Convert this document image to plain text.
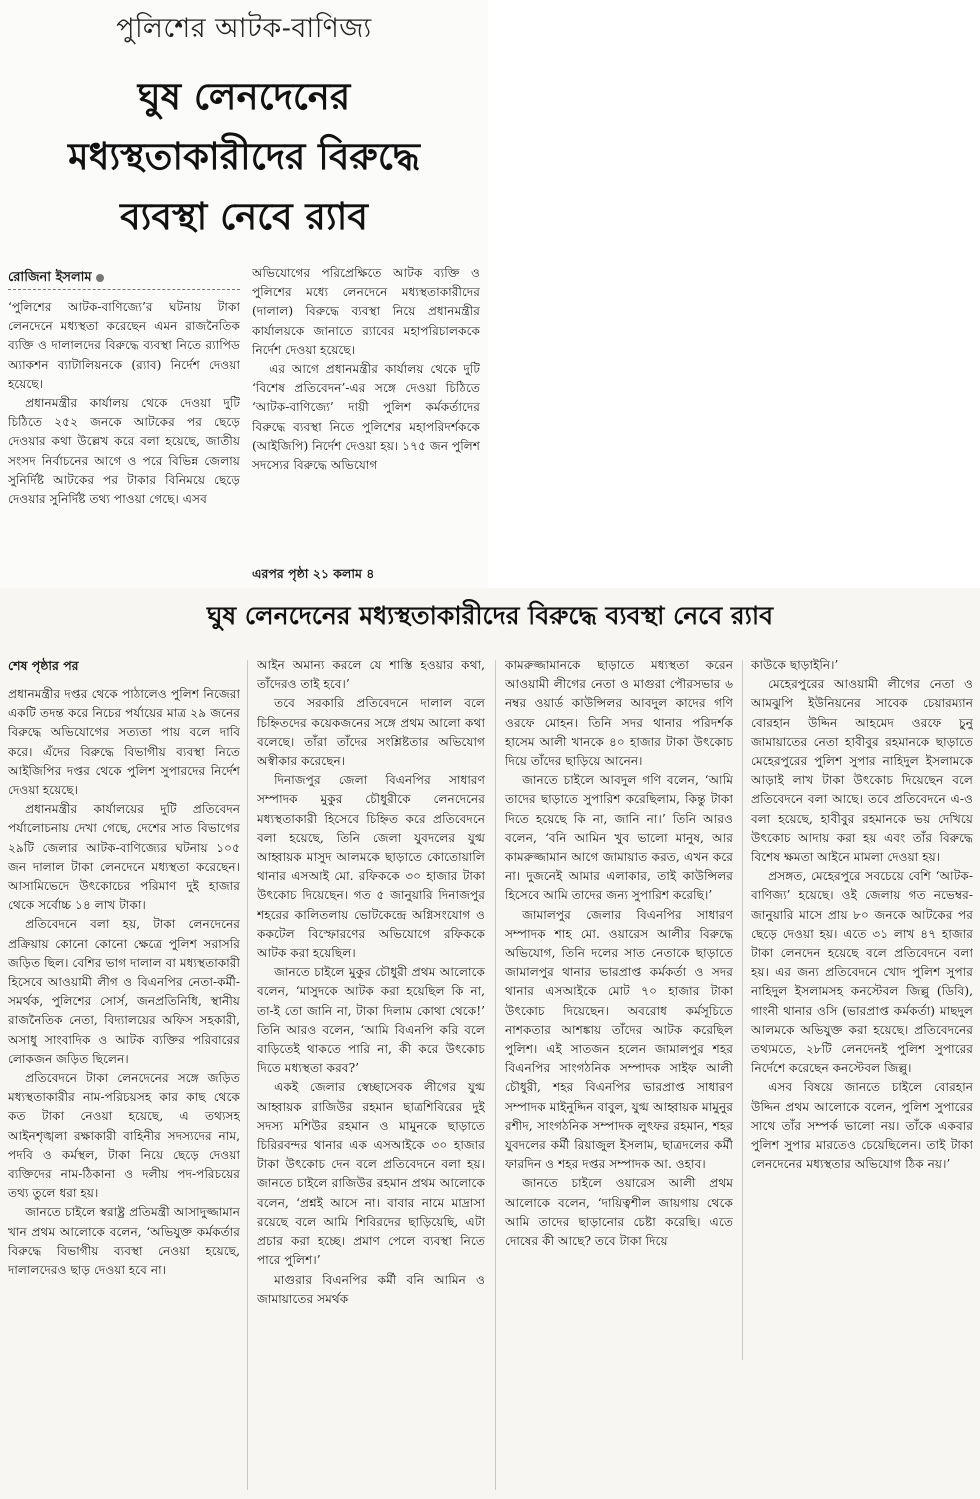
পুলিশের আটক-বাণিজ্য
ঘুষ লেনদেনের
মধ্যস্থতাকারীদের বিরুদ্ধে
ব্যবস্থা নেবে র‍্যাব
রোজিনা ইসলাম

‘পুলিশের আটক-বাণিজ্যে’র ঘটনায় টাকা লেনদেনে মধ্যস্থতা করেছেন এমন রাজনৈতিক ব্যক্তি ও দালালদের বিরুদ্ধে ব্যবস্থা নিতে র‍্যাপিড অ্যাকশন ব্যাটালিয়নকে (র‍্যাব) নির্দেশ দেওয়া হয়েছে।

প্রধানমন্ত্রীর কার্যালয় থেকে দেওয়া দুটি চিঠিতে ২৫২ জনকে আটকের পর ছেড়ে দেওয়ার কথা উল্লেখ করে বলা হয়েছে, জাতীয় সংসদ নির্বাচনের আগে ও পরে বিভিন্ন জেলায় সুনির্দিষ্ট আটকের পর টাকার বিনিময়ে ছেড়ে দেওয়ার সুনির্দিষ্ট তথ্য পাওয়া গেছে। এসব

অভিযোগের পরিপ্রেক্ষিতে আটক ব্যক্তি ও পুলিশের মধ্যে লেনদেনে মধ্যস্থতাকারীদের (দালাল) বিরুদ্ধে ব্যবস্থা নিয়ে প্রধানমন্ত্রীর কার্যালয়কে জানাতে র‍্যাবের মহাপরিচালককে নির্দেশ দেওয়া হয়েছে।

এর আগে প্রধানমন্ত্রীর কার্যালয় থেকে দুটি ‘বিশেষ প্রতিবেদন’-এর সঙ্গে দেওয়া চিঠিতে ‘আটক-বাণিজ্যে’ দায়ী পুলিশ কর্মকর্তাদের বিরুদ্ধে ব্যবস্থা নিতে পুলিশের মহাপরিদর্শককে (আইজিপি) নির্দেশ দেওয়া হয়। ১৭৫ জন পুলিশ সদস্যের বিরুদ্ধে অভিযোগ

এরপর পৃষ্ঠা ২১ কলাম ৪
ঘুষ লেনদেনের মধ্যস্থতাকারীদের বিরুদ্ধে ব্যবস্থা নেবে র‍্যাব
শেষ পৃষ্ঠার পর

প্রধানমন্ত্রীর দপ্তর থেকে পাঠালেও পুলিশ নিজেরা একটি তদন্ত করে নিচের পর্যায়ের মাত্র ২৯ জনের বিরুদ্ধে অভিযোগের সত্যতা পায় বলে দাবি করে। এঁদের বিরুদ্ধে বিভাগীয় ব্যবস্থা নিতে আইজিপির দপ্তর থেকে পুলিশ সুপারদের নির্দেশ দেওয়া হয়েছে।

প্রধানমন্ত্রীর কার্যালয়ের দুটি প্রতিবেদন পর্যালোচনায় দেখা গেছে, দেশের সাত বিভাগের ২৯টি জেলার আটক-বাণিজ্যের ঘটনায় ১০৫ জন দালাল টাকা লেনদেনে মধ্যস্থতা করেছেন। আসামিভেদে উৎকোচের পরিমাণ দুই হাজার থেকে সর্বোচ্চ ১৪ লাখ টাকা।

প্রতিবেদনে বলা হয়, টাকা লেনদেনের প্রক্রিয়ায় কোনো কোনো ক্ষেত্রে পুলিশ সরাসরি জড়িত ছিল। বেশির ভাগ দালাল বা মধ্যস্থতাকারী হিসেবে আওয়ামী লীগ ও বিএনপির নেতা-কর্মী-সমর্থক, পুলিশের সোর্স, জনপ্রতিনিধি, স্থানীয় রাজনৈতিক নেতা, বিদ্যালয়ের অফিস সহকারী, অসাধু সাংবাদিক ও আটক ব্যক্তির পরিবারের লোকজন জড়িত ছিলেন।

প্রতিবেদনে টাকা লেনদেনের সঙ্গে জড়িত মধ্যস্থতাকারীর নাম-পরিচয়সহ কার কাছ থেকে কত টাকা নেওয়া হয়েছে, এ তথ্যসহ আইনশৃঙ্খলা রক্ষাকারী বাহিনীর সদস্যদের নাম, পদবি ও কর্মস্থল, টাকা নিয়ে ছেড়ে দেওয়া ব্যক্তিদের নাম-ঠিকানা ও দলীয় পদ-পরিচয়ের তথ্য তুলে ধরা হয়।

জানতে চাইলে স্বরাষ্ট্র প্রতিমন্ত্রী আসাদুজ্জামান খান প্রথম আলোকে বলেন, ‘অভিযুক্ত কর্মকর্তার বিরুদ্ধে বিভাগীয় ব্যবস্থা নেওয়া হয়েছে, দালালদেরও ছাড় দেওয়া হবে না।

আইন অমান্য করলে যে শাস্তি হওয়ার কথা, তাঁদেরও তাই হবে।’

তবে সরকারি প্রতিবেদনে দালাল বলে চিহ্নিতদের কয়েকজনের সঙ্গে প্রথম আলো কথা বলেছে। তাঁরা তাঁদের সংশ্লিষ্টতার অভিযোগ অস্বীকার করেছেন।

দিনাজপুর জেলা বিএনপির সাধারণ সম্পাদক মুকুর চৌধুরীকে লেনদেনের মধ্যস্থতাকারী হিসেবে চিহ্নিত করে প্রতিবেদনে বলা হয়েছে, তিনি জেলা যুবদলের যুগ্ম আহ্বায়ক মাসুদ আলমকে ছাড়াতে কোতোয়ালি থানার এসআই মো. রফিককে ৩০ হাজার টাকা উৎকোচ দিয়েছেন। গত ৫ জানুয়ারি দিনাজপুর শহরের কালিতলায় ভোটকেন্দ্রে অগ্নিসংযোগ ও ককটেল বিস্ফোরণের অভিযোগে রফিককে আটক করা হয়েছিল।

জানতে চাইলে মুকুর চৌধুরী প্রথম আলোকে বলেন, ‘মাসুদকে আটক করা হয়েছিল কি না, তা-ই তো জানি না, টাকা দিলাম কোথা থেকে!’ তিনি আরও বলেন, ‘আমি বিএনপি করি বলে বাড়িতেই থাকতে পারি না, কী করে উৎকোচ দিতে মধ্যস্থতা করব?’

একই জেলার স্বেচ্ছাসেবক লীগের যুগ্ম আহ্বায়ক রাজিউর রহমান ছাত্রশিবিরের দুই সদস্য মশিউর রহমান ও মামুনকে ছাড়াতে চিরিরবন্দর থানার এক এসআইকে ৩০ হাজার টাকা উৎকোচ দেন বলে প্রতিবেদনে বলা হয়। জানতে চাইলে রাজিউর রহমান প্রথম আলোকে বলেন, ‘প্রশ্নই আসে না। বাবার নামে মাদ্রাসা রয়েছে বলে আমি শিবিরদের ছাড়িয়েছি, এটা প্রচার করা হচ্ছে। প্রমাণ পেলে ব্যবস্থা নিতে পারে পুলিশ।’

মাগুরার বিএনপির কর্মী বনি আমিন ও জামায়াতের সমর্থক

কামরুজ্জামানকে ছাড়াতে মধ্যস্থতা করেন আওয়ামী লীগের নেতা ও মাগুরা পৌরসভার ৬ নম্বর ওয়ার্ড কাউন্সিলর আবদুল কাদের গণি ওরফে মোহন। তিনি সদর থানার পরিদর্শক হাসেম আলী খানকে ৪০ হাজার টাকা উৎকোচ দিয়ে তাঁদের ছাড়িয়ে আনেন।

জানতে চাইলে আবদুল গণি বলেন, ‘আমি তাদের ছাড়াতে সুপারিশ করেছিলাম, কিন্তু টাকা দিতে হয়েছে কি না, জানি না।’ তিনি আরও বলেন, ‘বনি আমিন খুব ভালো মানুষ, আর কামরুজ্জামান আগে জামায়াত করত, এখন করে না। দুজনেই আমার এলাকার, তাই কাউন্সিলর হিসেবে আমি তাদের জন্য সুপারিশ করেছি।’

জামালপুর জেলার বিএনপির সাধারণ সম্পাদক শাহ মো. ওয়ারেস আলীর বিরুদ্ধে অভিযোগ, তিনি দলের সাত নেতাকে ছাড়াতে জামালপুর থানার ভারপ্রাপ্ত কর্মকর্তা ও সদর থানার এসআইকে মোট ৭০ হাজার টাকা উৎকোচ দিয়েছেন। অবরোধ কর্মসূচিতে নাশকতার আশঙ্কায় তাঁদের আটক করেছিল পুলিশ। এই সাতজন হলেন জামালপুর শহর বিএনপির সাংগঠনিক সম্পাদক সাইফ আলী চৌধুরী, শহর বিএনপির ভারপ্রাপ্ত সাধারণ সম্পাদক মাইনুদ্দিন বাবুল, যুগ্ম আহ্বায়ক মামুনুর রশীদ, সাংগঠনিক সম্পাদক লুৎফর রহমান, শহর যুবদলের কর্মী রিয়াজুল ইসলাম, ছাত্রদলের কর্মী ফারদিন ও শহর দপ্তর সম্পাদক আ. ওহাব।

জানতে চাইলে ওয়ারেস আলী প্রথম আলোকে বলেন, ‘দায়িত্বশীল জায়গায় থেকে আমি তাদের ছাড়ানোর চেষ্টা করেছি। এতে দোষের কী আছে? তবে টাকা দিয়ে

কাউকে ছাড়াইনি।’

মেহেরপুরের আওয়ামী লীগের নেতা ও আমঝুপি ইউনিয়নের সাবেক চেয়ারম্যান বোরহান উদ্দিন আহমেদ ওরফে চুনু জামায়াতের নেতা হাবীবুর রহমানকে ছাড়াতে মেহেরপুরের পুলিশ সুপার নাহিদুল ইসলামকে আড়াই লাখ টাকা উৎকোচ দিয়েছেন বলে প্রতিবেদনে বলা আছে। তবে প্রতিবেদনে এ-ও বলা হয়েছে, হাবীবুর রহমানকে ভয় দেখিয়ে উৎকোচ আদায় করা হয় এবং তাঁর বিরুদ্ধে বিশেষ ক্ষমতা আইনে মামলা দেওয়া হয়।

প্রসঙ্গত, মেহেরপুরে সবচেয়ে বেশি ‘আটক-বাণিজ্য’ হয়েছে। ওই জেলায় গত নভেম্বর-জানুয়ারি মাসে প্রায় ৮০ জনকে আটকের পর ছেড়ে দেওয়া হয়। এতে ৩১ লাখ ৪৭ হাজার টাকা লেনদেন হয়েছে বলে প্রতিবেদনে বলা হয়। এর জন্য প্রতিবেদনে খোদ পুলিশ সুপার নাহিদুল ইসলামসহ কনস্টেবল জিল্লু (ডিবি), গাংনী থানার ওসি (ভারপ্রাপ্ত কর্মকর্তা) মাছদুল আলমকে অভিযুক্ত করা হয়েছে। প্রতিবেদনের তথ্যমতে, ২৮টি লেনদেনই পুলিশ সুপারের নির্দেশে করেছেন কনস্টেবল জিল্লু।

এসব বিষয়ে জানতে চাইলে বোরহান উদ্দিন প্রথম আলোকে বলেন, পুলিশ সুপারের সাথে তাঁর সম্পর্ক ভালো নয়। তাঁকে একবার পুলিশ সুপার মারতেও চেয়েছিলেন। তাই টাকা লেনদেনের মধ্যস্থতার অভিযোগ ঠিক নয়।’
